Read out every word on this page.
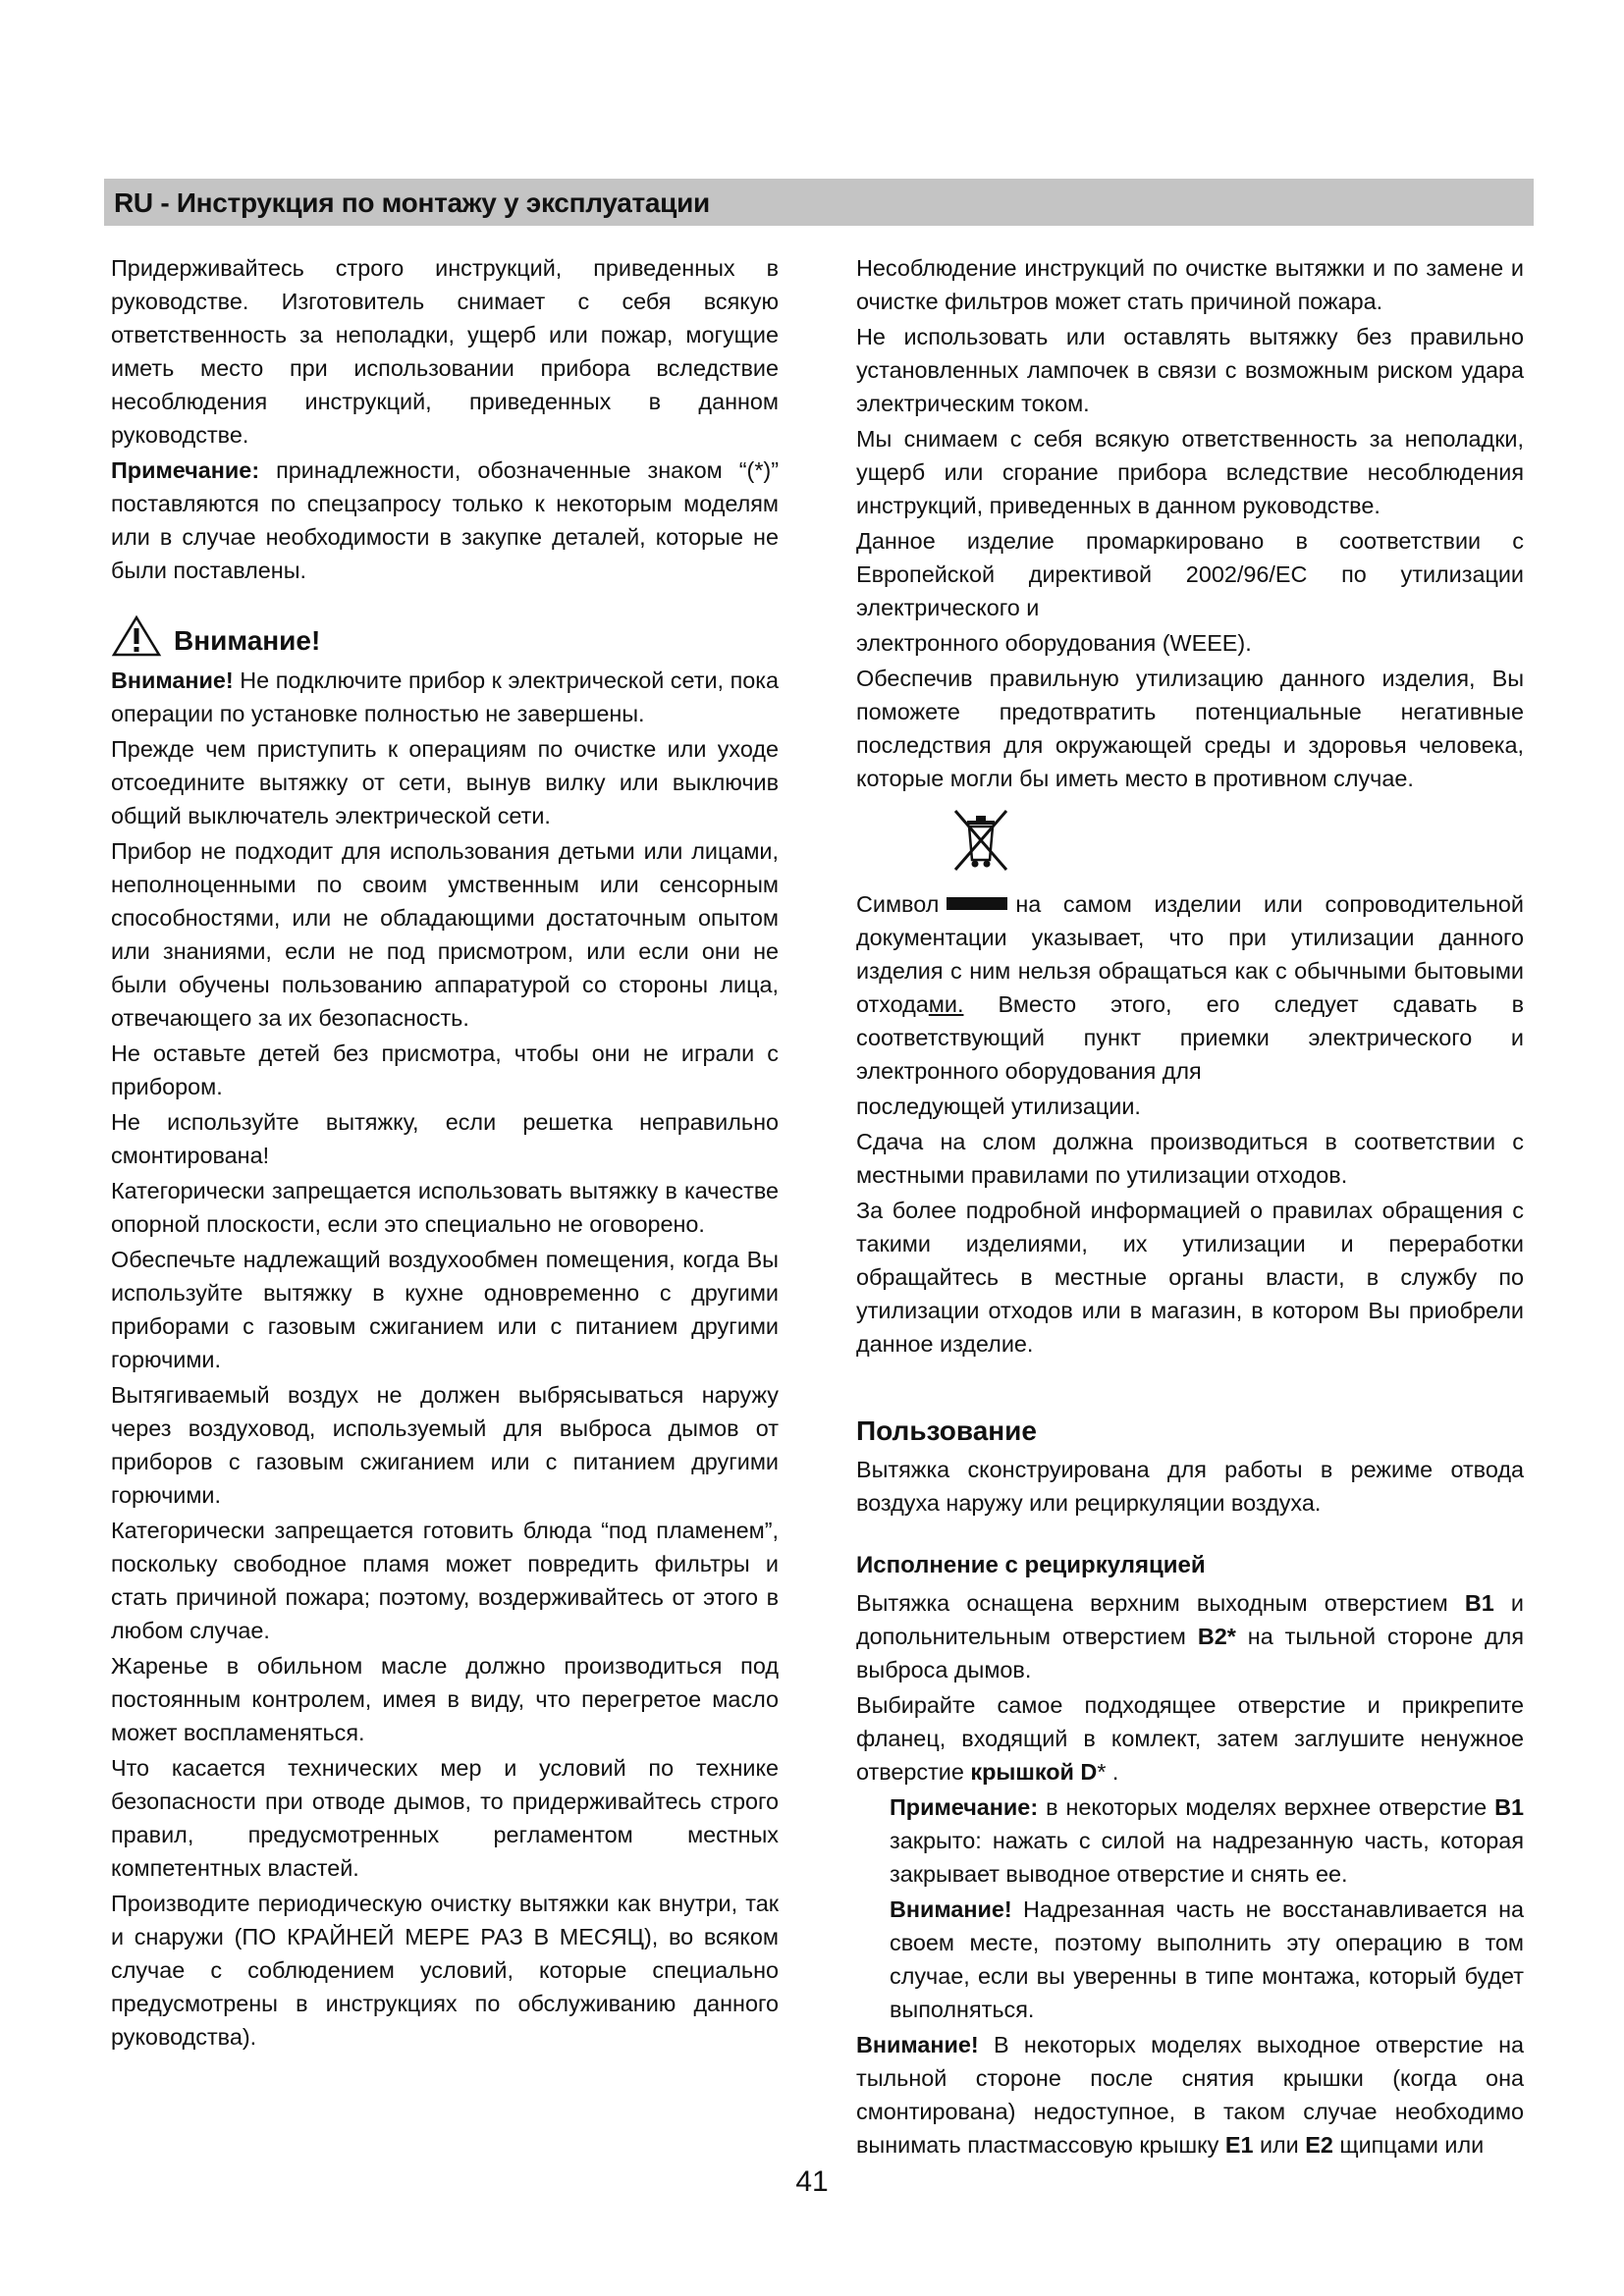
RU - Инструкция по монтажу у эксплуатации

Придерживайтесь строго инструкций, приведенных в руководстве. Изготовитель снимает с себя всякую ответственность за неполадки, ущерб или пожар, могущие иметь место при использовании прибора вследствие несоблюдения инструкций, приведенных в данном руководстве.

Примечание: принадлежности, обозначенные знаком “(*)” поставляются по спецзапросу только к некоторым моделям или в случае необходимости в закупке деталей, которые не были поставлены.

Внимание!

Внимание! Не подключите прибор к электрической сети, пока операции по установке полностью не завершены.

Прежде чем приступить к операциям по очистке или уходе отсоедините вытяжку от сети, вынув вилку или выключив общий выключатель электрической сети.

Прибор не подходит для использования детьми или лицами, неполноценными по своим умственным или сенсорным способностями, или не обладающими достаточным опытом или знаниями, если не под присмотром, или если они не были обучены пользованию аппаратурой со стороны лица, отвечающего за их безопасность.

Не оставьте детей без присмотра, чтобы они не играли с прибором.

Не используйте вытяжку, если решетка неправильно смонтирована!

Категорически запрещается использовать вытяжку в качестве опорной плоскости, если это специально не оговорено.

Обеспечьте надлежащий воздухообмен помещения, когда Вы используйте вытяжку в кухне одновременно с другими приборами с газовым сжиганием или с питанием другими горючими.

Вытягиваемый воздух не должен выбрясываться наружу через воздуховод, используемый для выброса дымов от приборов с газовым сжиганием или с питанием другими горючими.

Категорически запрещается готовить блюда “под пламенем”, поскольку свободное пламя может повредить фильтры и стать причиной пожара; поэтому, воздерживайтесь от этого в любом случае.

Жаренье в обильном масле должно производиться под постоянным контролем, имея в виду, что перегретое масло может воспламеняться.

Что касается технических мер и условий по технике безопасности при отводе дымов, то придерживайтесь строго правил, предусмотренных регламентом местных компетентных властей.

Производите периодическую очистку вытяжки как внутри, так и снаружи (ПО КРАЙНЕЙ МЕРЕ РАЗ В МЕСЯЦ), во всяком случае с соблюдением условий, которые специально предусмотрены в инструкциях по обслуживанию данного руководства).

Несоблюдение инструкций по очистке вытяжки и по замене и очистке фильтров может стать причиной пожара.

Не использовать или оставлять вытяжку без правильно установленных лампочек в связи с возможным риском удара электрическим током.

Мы снимаем с себя всякую ответственность за неполадки, ущерб или сгорание прибора вследствие несоблюдения инструкций, приведенных в данном руководстве.

Данное изделие промаркировано в соответствии с Европейской директивой 2002/96/EC по утилизации электрического и

электронного оборудования (WEEE).

Обеспечив правильную утилизацию данного изделия, Вы поможете предотвратить потенциальные негативные последствия для окружающей среды и здоровья человека, которые могли бы иметь место в противном случае.

Символ	на самом изделии или сопроводительной документации указывает, что при утилизации данного изделия с ним нельзя обращаться как с обычными бытовыми отходами. Вместо этого, его следует сдавать в соответствующий пункт приемки электрического и электронного оборудования для

последующей утилизации.

Сдача на слом должна производиться в соответствии с местными правилами по утилизации отходов.

За более подробной информацией о правилах обращения с такими изделиями, их утилизации и переработки обращайтесь в местные органы власти, в службу по утилизации отходов или в магазин, в котором Вы приобрели данное изделие.

Пользование

Вытяжка сконструирована для работы в режиме отвода воздуха наружу или рециркуляции воздуха.

Исполнение с рециркуляцией

Вытяжка оснащена верхним выходным отверстием B1 и допольнительным отверстием B2* на тыльной стороне для выброса дымов.

Выбирайте самое подходящее отверстие и прикрепите фланец, входящий в комлект, затем заглушите ненужное отверстие крышкой D* .

Примечание: в некоторых моделях верхнее отверстие B1 закрыто: нажать с силой на надрезанную часть, которая закрывает выводное отверстие и снять ее.

Внимание! Надрезанная часть не восстанавливается на своем месте, поэтому выполнить эту операцию в том случае, если вы уверенны в типе монтажа, который будет выполняться.

Внимание! В некоторых моделях выходное отверстие на тыльной стороне после снятия крышки (когда она смонтирована) недоступное, в таком случае необходимо вынимать пластмассовую крышку E1 или E2 щипцами или

41
